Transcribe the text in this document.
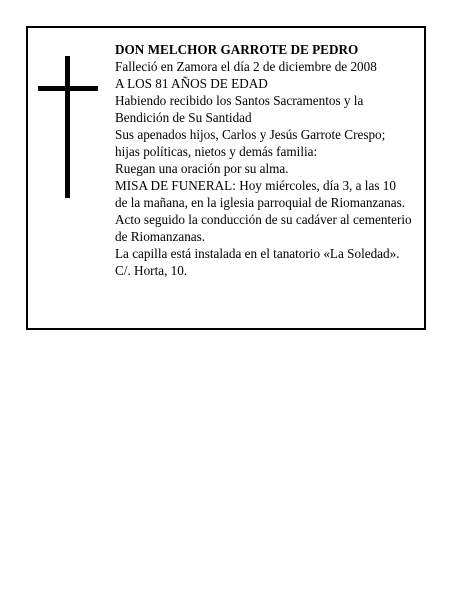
DON MELCHOR GARROTE DE PEDRO
Falleció en Zamora el día 2 de diciembre de 2008
A LOS 81 AÑOS DE EDAD
Habiendo recibido los Santos Sacramentos y la
Bendición de Su Santidad
Sus apenados hijos, Carlos y Jesús Garrote Crespo;
hijas políticas, nietos y demás familia:
Ruegan una oración por su alma.
MISA DE FUNERAL: Hoy miércoles, día 3, a las 10
de la mañana, en la iglesia parroquial de Riomanzanas.
Acto seguido la conducción de su cadáver al cementerio
de Riomanzanas.
La capilla está instalada en el tanatorio «La Soledad».
C/. Horta, 10.
